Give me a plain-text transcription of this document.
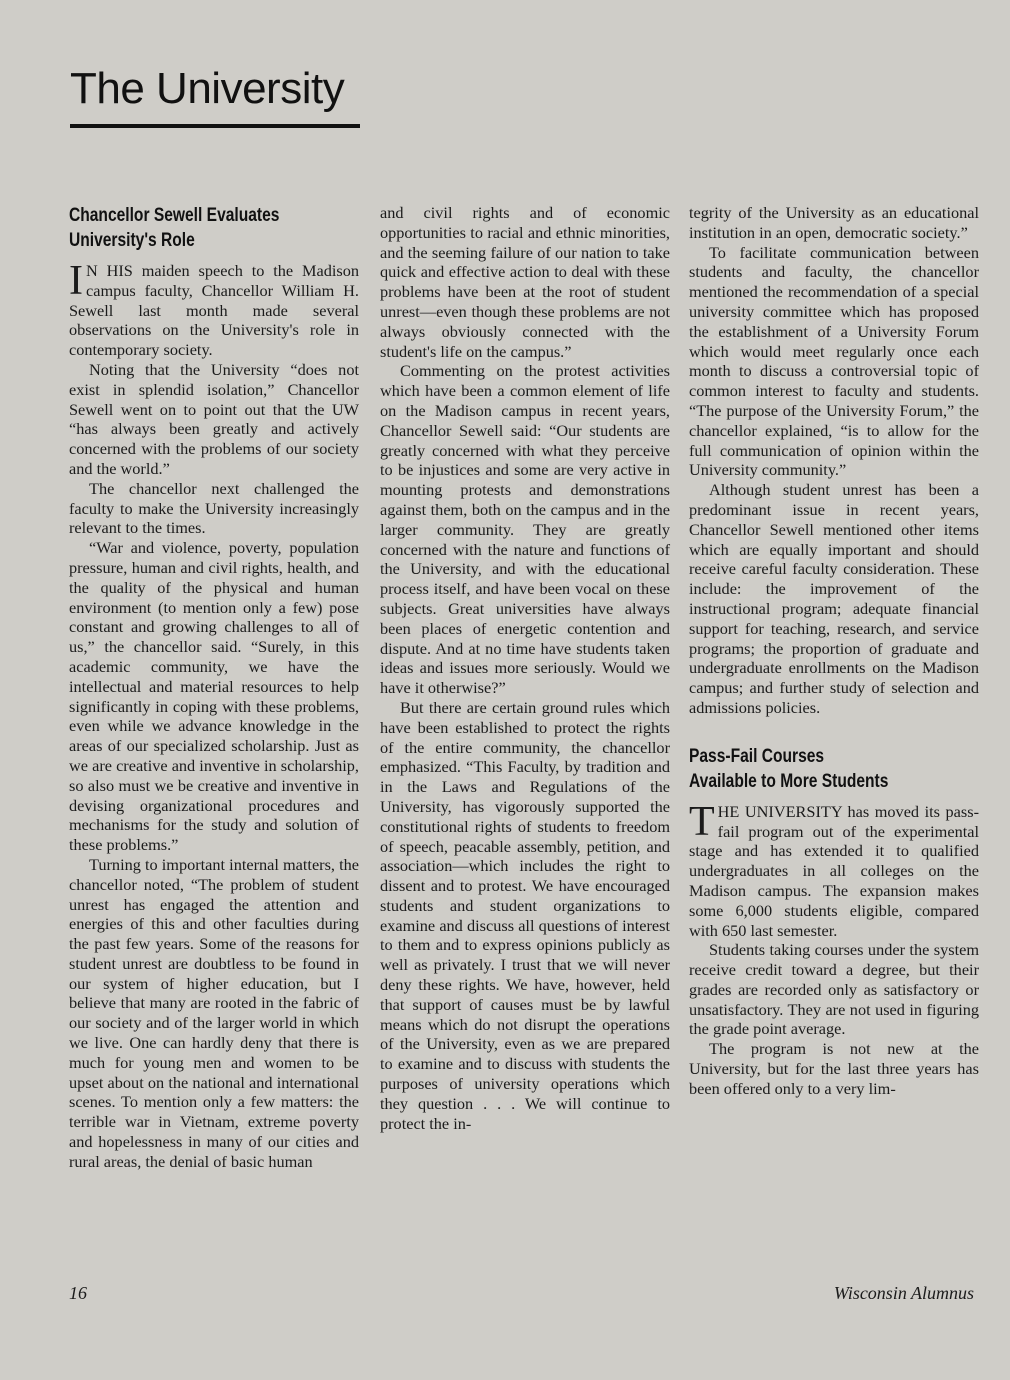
The University
Chancellor Sewell Evaluates
University's Role

I N HIS maiden speech to the Madison campus faculty, Chancellor William H. Sewell last month made several observations on the University's role in contemporary society.

Noting that the University “does not exist in splendid isolation,” Chancellor Sewell went on to point out that the UW “has always been greatly and actively concerned with the problems of our society and the world.”

The chancellor next challenged the faculty to make the University increasingly relevant to the times.

“War and violence, poverty, population pressure, human and civil rights, health, and the quality of the physical and human environment (to mention only a few) pose constant and growing challenges to all of us,” the chancellor said. “Surely, in this academic community, we have the intellectual and material resources to help significantly in coping with these problems, even while we advance knowledge in the areas of our specialized scholarship. Just as we are creative and inventive in scholarship, so also must we be creative and inventive in devising organizational procedures and mechanisms for the study and solution of these problems.”

Turning to important internal matters, the chancellor noted, “The problem of student unrest has engaged the attention and energies of this and other faculties during the past few years. Some of the reasons for student unrest are doubtless to be found in our system of higher education, but I believe that many are rooted in the fabric of our society and of the larger world in which we live. One can hardly deny that there is much for young men and women to be upset about on the national and international scenes. To mention only a few matters: the terrible war in Vietnam, extreme poverty and hopelessness in many of our cities and rural areas, the denial of basic human

and civil rights and of economic opportunities to racial and ethnic minorities, and the seeming failure of our nation to take quick and effective action to deal with these problems have been at the root of student unrest—even though these problems are not always obviously connected with the student's life on the campus.”

Commenting on the protest activities which have been a common element of life on the Madison campus in recent years, Chancellor Sewell said: “Our students are greatly concerned with what they perceive to be injustices and some are very active in mounting protests and demonstrations against them, both on the campus and in the larger community. They are greatly concerned with the nature and functions of the University, and with the educational process itself, and have been vocal on these subjects. Great universities have always been places of energetic contention and dispute. And at no time have students taken ideas and issues more seriously. Would we have it otherwise?”

But there are certain ground rules which have been established to protect the rights of the entire community, the chancellor emphasized. “This Faculty, by tradition and in the Laws and Regulations of the University, has vigorously supported the constitutional rights of students to freedom of speech, peacable assembly, petition, and association—which includes the right to dissent and to protest. We have encouraged students and student organizations to examine and discuss all questions of interest to them and to express opinions publicly as well as privately. I trust that we will never deny these rights. We have, however, held that support of causes must be by lawful means which do not disrupt the operations of the University, even as we are prepared to examine and to discuss with students the purposes of university operations which they question . . . We will continue to protect the in-

tegrity of the University as an educational institution in an open, democratic society.”

To facilitate communication between students and faculty, the chancellor mentioned the recommendation of a special university committee which has proposed the establishment of a University Forum which would meet regularly once each month to discuss a controversial topic of common interest to faculty and students. “The purpose of the University Forum,” the chancellor explained, “is to allow for the full communication of opinion within the University community.”

Although student unrest has been a predominant issue in recent years, Chancellor Sewell mentioned other items which are equally important and should receive careful faculty consideration. These include: the improvement of the instructional program; adequate financial support for teaching, research, and service programs; the proportion of graduate and undergraduate enrollments on the Madison campus; and further study of selection and admissions policies.

Pass-Fail Courses
Available to More Students

THE UNIVERSITY has moved its pass-fail program out of the experimental stage and has extended it to qualified undergraduates in all colleges on the Madison campus. The expansion makes some 6,000 students eligible, compared with 650 last semester.

Students taking courses under the system receive credit toward a degree, but their grades are recorded only as satisfactory or unsatisfactory. They are not used in figuring the grade point average.

The program is not new at the University, but for the last three years has been offered only to a very lim-

16	Wisconsin Alumnus
